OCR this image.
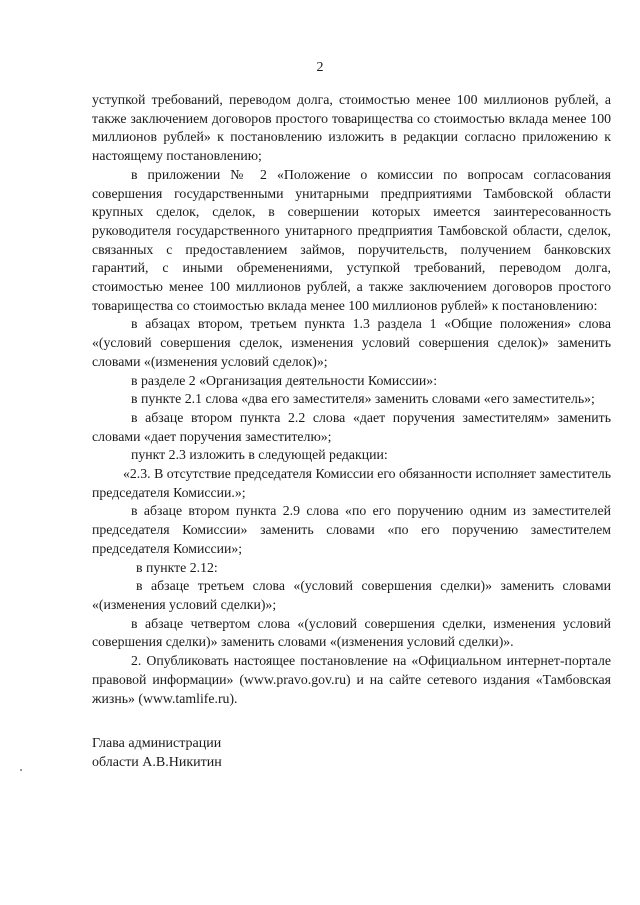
2

уступкой требований, переводом долга, стоимостью менее 100 миллионов рублей, а также заключением договоров простого товарищества со стоимостью вклада менее 100 миллионов рублей» к постановлению изложить в редакции согласно приложению к настоящему постановлению;

в приложении № 2 «Положение о комиссии по вопросам согласования совершения государственными унитарными предприятиями Тамбовской области крупных сделок, сделок, в совершении которых имеется заинтересованность руководителя государственного унитарного предприятия Тамбовской области, сделок, связанных с предоставлением займов, поручительств, получением банковских гарантий, с иными обременениями, уступкой требований, переводом долга, стоимостью менее 100 миллионов рублей, а также заключением договоров простого товарищества со стоимостью вклада менее 100 миллионов рублей» к постановлению:

в абзацах втором, третьем пункта 1.3 раздела 1 «Общие положения» слова «(условий совершения сделок, изменения условий совершения сделок)» заменить словами «(изменения условий сделок)»;

в разделе 2 «Организация деятельности Комиссии»:

в пункте 2.1 слова «два его заместителя» заменить словами «его заместитель»;

в абзаце втором пункта 2.2 слова «дает поручения заместителям» заменить словами «дает поручения заместителю»;

пункт 2.3 изложить в следующей редакции:

«2.3. В отсутствие председателя Комиссии его обязанности исполняет заместитель председателя Комиссии.»;

в абзаце втором пункта 2.9 слова «по его поручению одним из заместителей председателя Комиссии» заменить словами «по его поручению заместителем председателя Комиссии»;

в пункте 2.12:

в абзаце третьем слова «(условий совершения сделки)» заменить словами «(изменения условий сделки)»;

в абзаце четвертом слова «(условий совершения сделки, изменения условий совершения сделки)» заменить словами «(изменения условий сделки)».

2. Опубликовать настоящее постановление на «Официальном интернет-портале правовой информации» (www.pravo.gov.ru) и на сайте сетевого издания «Тамбовская жизнь» (www.tamlife.ru).

Глава администрации
области А.В.Никитин
